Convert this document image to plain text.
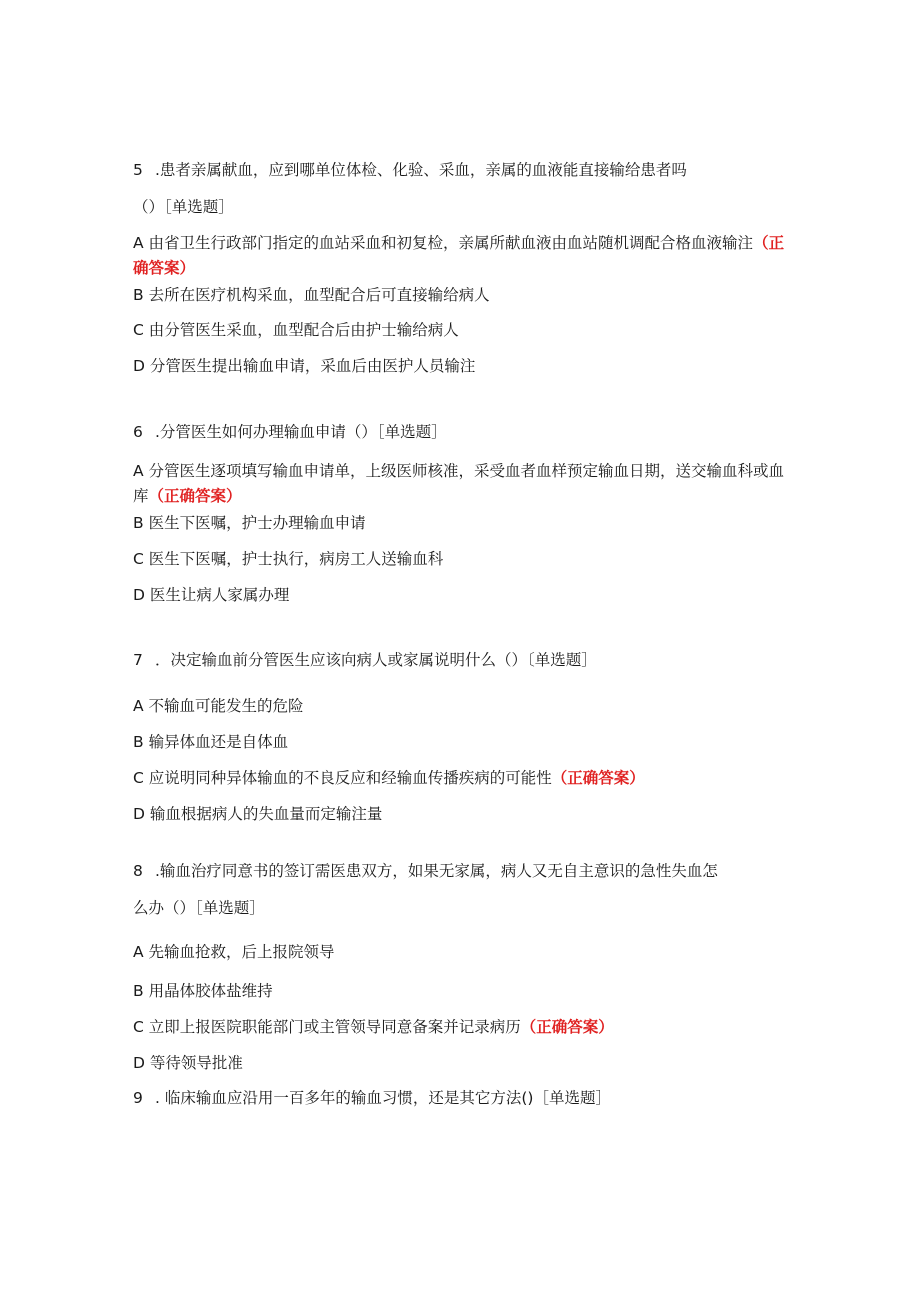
5 .患者亲属献血，应到哪单位体检、化验、采血，亲属的血液能直接输给患者吗
（）［单选题］
A 由省卫生行政部门指定的血站采血和初复检，亲属所献血液由血站随机调配合格血液输注（正确答案）
B 去所在医疗机构采血，血型配合后可直接输给病人
C 由分管医生采血，血型配合后由护士输给病人
D 分管医生提出输血申请，采血后由医护人员输注
6 .分管医生如何办理输血申请（）［单选题］
A 分管医生逐项填写输血申请单，上级医师核准，采受血者血样预定输血日期，送交输血科或血库（正确答案）
B 医生下医嘱，护士办理输血申请
C 医生下医嘱，护士执行，病房工人送输血科
D 医生让病人家属办理
7 ．决定输血前分管医生应该向病人或家属说明什么（）〔单选题］
A 不输血可能发生的危险
B 输异体血还是自体血
C 应说明同种异体输血的不良反应和经输血传播疾病的可能性（正确答案）
D 输血根据病人的失血量而定输注量
8 .输血治疗同意书的签订需医患双方，如果无家属，病人又无自主意识的急性失血怎
么办（）［单选题］
A 先输血抢救，后上报院领导
B 用晶体胶体盐维持
C 立即上报医院职能部门或主管领导同意备案并记录病历（正确答案）
D 等待领导批准
9 . 临床输血应沿用一百多年的输血习惯，还是其它方法()［单选题］
